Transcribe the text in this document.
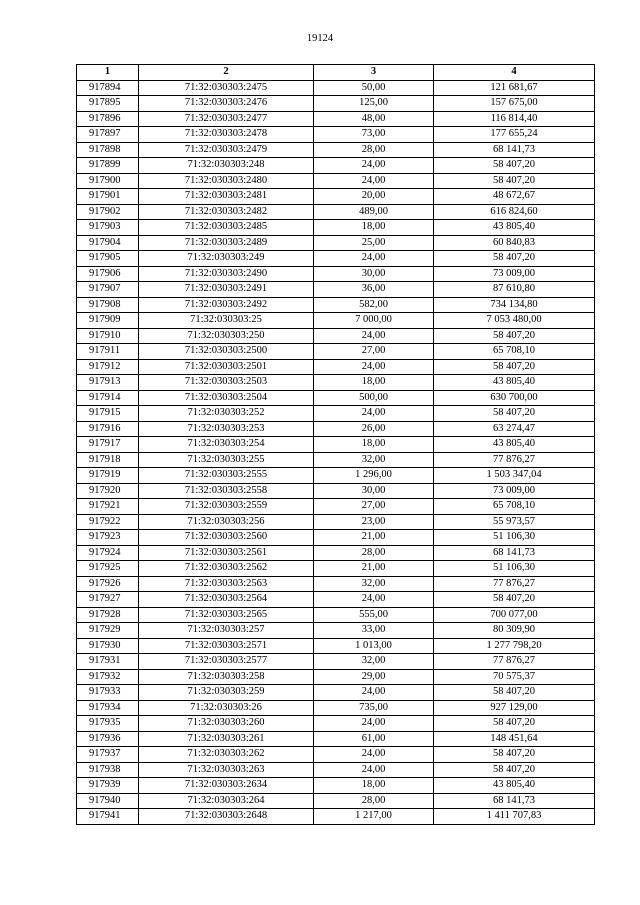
19124
1	2	3	4
917894	71:32:030303:2475	50,00	121 681,67
917895	71:32:030303:2476	125,00	157 675,00
917896	71:32:030303:2477	48,00	116 814,40
917897	71:32:030303:2478	73,00	177 655,24
917898	71:32:030303:2479	28,00	68 141,73
917899	71:32:030303:248	24,00	58 407,20
917900	71:32:030303:2480	24,00	58 407,20
917901	71:32:030303:2481	20,00	48 672,67
917902	71:32:030303:2482	489,00	616 824,60
917903	71:32:030303:2485	18,00	43 805,40
917904	71:32:030303:2489	25,00	60 840,83
917905	71:32:030303:249	24,00	58 407,20
917906	71:32:030303:2490	30,00	73 009,00
917907	71:32:030303:2491	36,00	87 610,80
917908	71:32:030303:2492	582,00	734 134,80
917909	71:32:030303:25	7 000,00	7 053 480,00
917910	71:32:030303:250	24,00	58 407,20
917911	71:32:030303:2500	27,00	65 708,10
917912	71:32:030303:2501	24,00	58 407,20
917913	71:32:030303:2503	18,00	43 805,40
917914	71:32:030303:2504	500,00	630 700,00
917915	71:32:030303:252	24,00	58 407,20
917916	71:32:030303:253	26,00	63 274,47
917917	71:32:030303:254	18,00	43 805,40
917918	71:32:030303:255	32,00	77 876,27
917919	71:32:030303:2555	1 296,00	1 503 347,04
917920	71:32:030303:2558	30,00	73 009,00
917921	71:32:030303:2559	27,00	65 708,10
917922	71:32:030303:256	23,00	55 973,57
917923	71:32:030303:2560	21,00	51 106,30
917924	71:32:030303:2561	28,00	68 141,73
917925	71:32:030303:2562	21,00	51 106,30
917926	71:32:030303:2563	32,00	77 876,27
917927	71:32:030303:2564	24,00	58 407,20
917928	71:32:030303:2565	555,00	700 077,00
917929	71:32:030303:257	33,00	80 309,90
917930	71:32:030303:2571	1 013,00	1 277 798,20
917931	71:32:030303:2577	32,00	77 876,27
917932	71:32:030303:258	29,00	70 575,37
917933	71:32:030303:259	24,00	58 407,20
917934	71:32:030303:26	735,00	927 129,00
917935	71:32:030303:260	24,00	58 407,20
917936	71:32:030303:261	61,00	148 451,64
917937	71:32:030303:262	24,00	58 407,20
917938	71:32:030303:263	24,00	58 407,20
917939	71:32:030303:2634	18,00	43 805,40
917940	71:32:030303:264	28,00	68 141,73
917941	71:32:030303:2648	1 217,00	1 411 707,83
